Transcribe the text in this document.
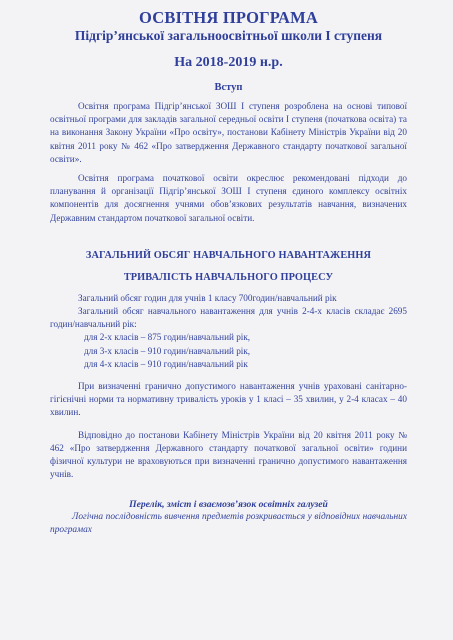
ОСВІТНЯ ПРОГРАМА
Підгір’янської загальноосвітньої школи І ступеня
На 2018-2019 н.р.
Вступ

Освітня програма Підгір’янської ЗОШ І ступеня розроблена на основі типової освітньої програми для закладів загальної середньої освіти І ступеня (початкова освіта) та на виконання Закону України «Про освіту», постанови Кабінету Міністрів України від 20 квітня 2011 року № 462 «Про затвердження Державного стандарту початкової загальної освіти».

Освітня програма початкової освіти окреслює рекомендовані підходи до планування й організації Підгір’янської ЗОШ І ступеня єдиного комплексу освітніх компонентів для досягнення учнями обов’язкових результатів навчання, визначених Державним стандартом початкової загальної освіти.

ЗАГАЛЬНИЙ ОБСЯГ НАВЧАЛЬНОГО НАВАНТАЖЕННЯ
ТРИВАЛІСТЬ НАВЧАЛЬНОГО ПРОЦЕСУ

Загальний обсяг годин для учнів 1 класу 700годин/навчальний рік

Загальний обсяг навчального навантаження для учнів 2-4-х класів складає 2695 годин/навчальний рік:

для 2-х класів – 875 годин/навчальний рік,
для 3-х класів – 910 годин/навчальний рік,
для 4-х класів – 910 годин/навчальний рік

При визначенні гранично допустимого навантаження учнів урахованi санітарно-гігієнічні норми та нормативну тривалість уроків у 1 класі – 35 хвилин, у 2-4 класах – 40 хвилин.

Відповідно до постанови Кабінету Міністрів України від 20 квітня 2011 року № 462 «Про затвердження Державного стандарту початкової загальної освіти» години фізичної культури не враховуються при визначенні гранично допустимого навантаження учнів.

Перелік, зміст і взаємозв’язок освітніх галузей

Логічна послідовність вивчення предметів розкривається у відповідних навчальних програмах
